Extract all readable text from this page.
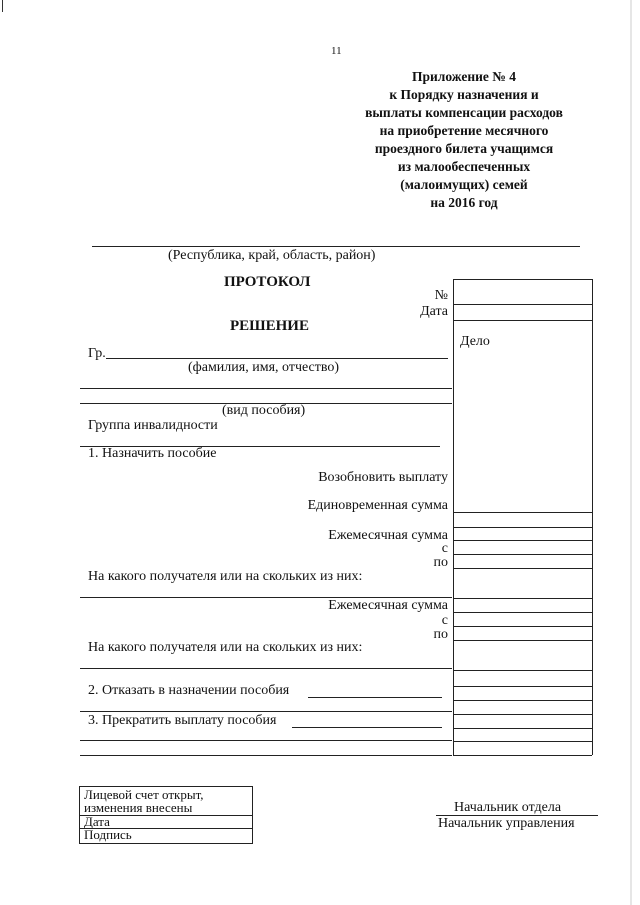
11
Приложение № 4
к Порядку назначения и
выплаты компенсации расходов
на приобретение месячного
проездного билета учащимся
из малообеспеченных
(малоимущих) семей
на 2016 год
(Республика, край, область, район)
ПРОТОКОЛ
РЕШЕНИЕ
№
Дата
Дело
Гр.
(фамилия, имя, отчество)
(вид пособия)
Группа инвалидности
1. Назначить пособие
Возобновить выплату
Единовременная сумма
Ежемесячная сумма
с
по
На какого получателя или на скольких из них:
Ежемесячная сумма
с
по
На какого получателя или на скольких из них:
2. Отказать в назначении пособия
3. Прекратить выплату пособия
Лицевой счет открыт,
изменения внесены
Дата
Подпись
Начальник отдела
Начальник управления
